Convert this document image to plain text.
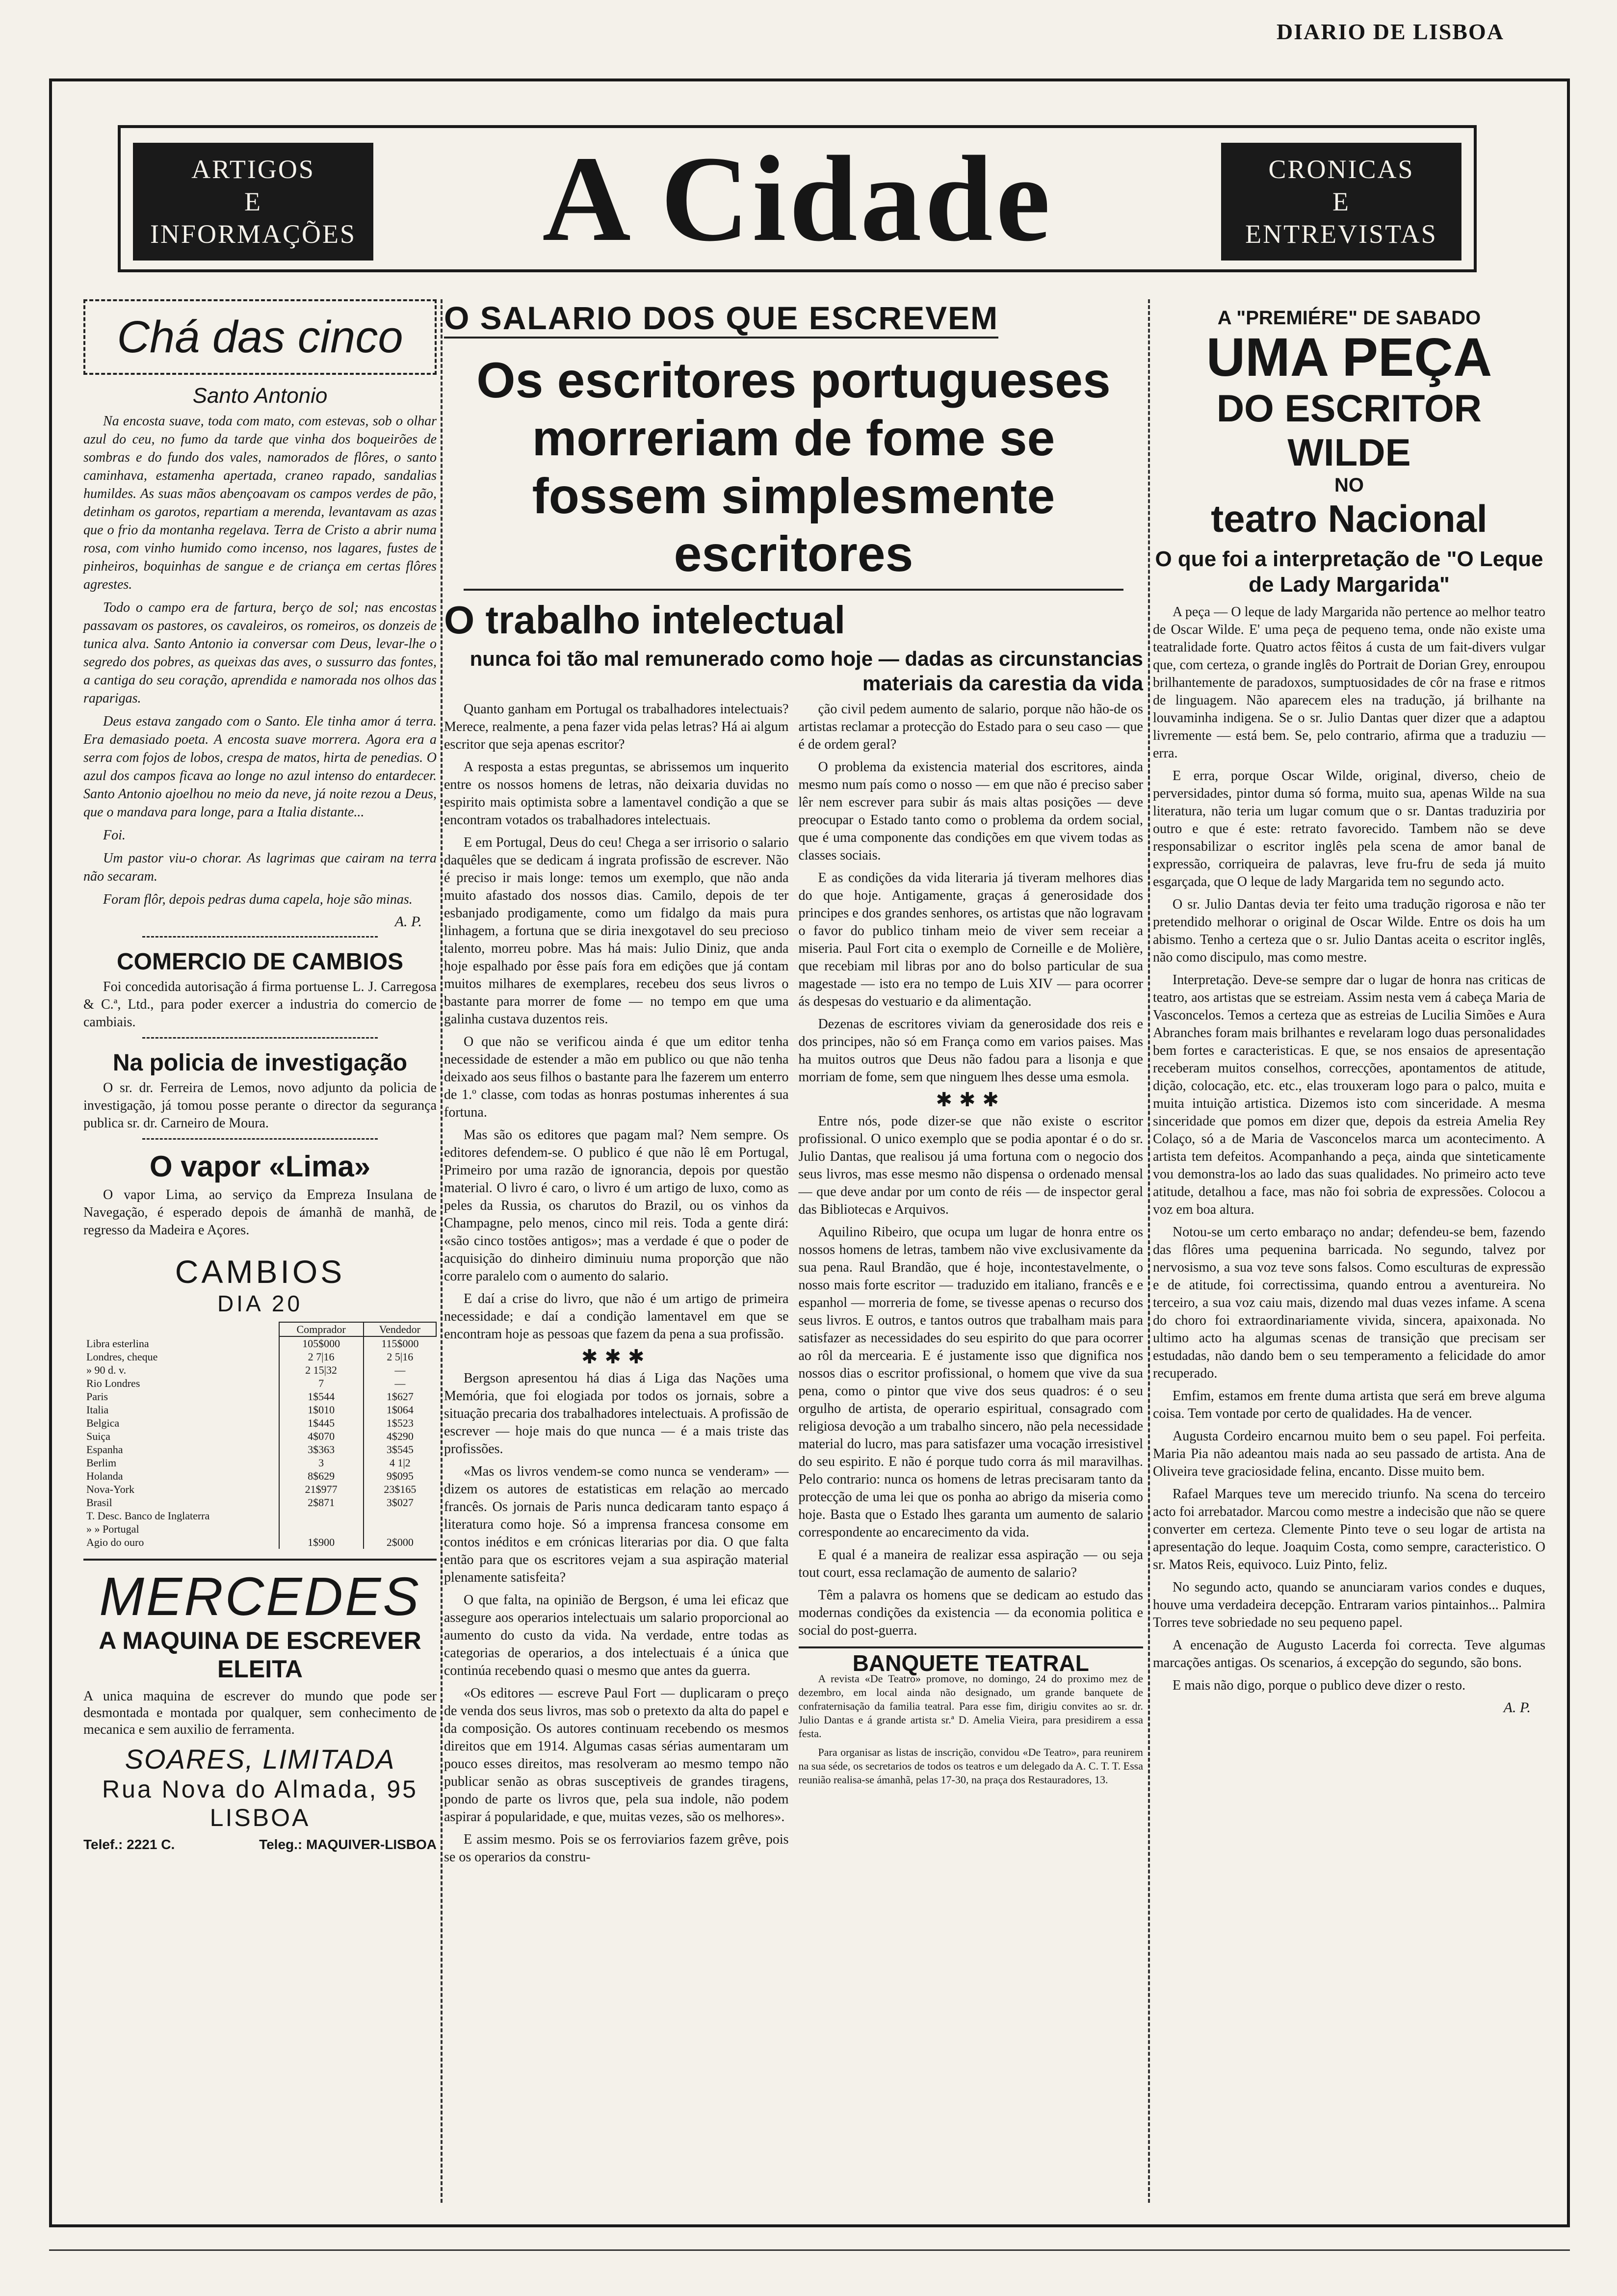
DIARIO DE LISBOA
ARTIGOS
E
INFORMAÇÕES	A Cidade	CRONICAS
E
ENTREVISTAS
Chá das cinco
Santo Antonio

Na encosta suave, toda com mato, com estevas, sob o olhar azul do ceu, no fumo da tarde que vinha dos boqueirões de sombras e do fundo dos vales, namorados de flôres, o santo caminhava, estamenha apertada, craneo rapado, sandalias humildes. As suas mãos abençoavam os campos verdes de pão, detinham os garotos, repartiam a merenda, levantavam as azas que o frio da montanha regelava. Terra de Cristo a abrir numa rosa, com vinho humido como incenso, nos lagares, fustes de pinheiros, boquinhas de sangue e de criança em certas flôres agrestes.

Todo o campo era de fartura, berço de sol; nas encostas passavam os pastores, os cavaleiros, os romeiros, os donzeis de tunica alva. Santo Antonio ia conversar com Deus, levar-lhe o segredo dos pobres, as queixas das aves, o sussurro das fontes, a cantiga do seu coração, aprendida e namorada nos olhos das raparigas.

Deus estava zangado com o Santo. Ele tinha amor á terra. Era demasiado poeta. A encosta suave morrera. Agora era a serra com fojos de lobos, crespa de matos, hirta de penedias. O azul dos campos ficava ao longe no azul intenso do entardecer. Santo Antonio ajoelhou no meio da neve, já noite rezou a Deus, que o mandava para longe, para a Italia distante...

Foi.

Um pastor viu-o chorar. As lagrimas que cairam na terra não secaram.

Foram flôr, depois pedras duma capela, hoje são minas.

A. P.
COMERCIO DE CAMBIOS

Foi concedida autorisação á firma portuense L. J. Carregosa & C.ª, Ltd., para poder exercer a industria do comercio de cambiais.

Na policia de investigação

O sr. dr. Ferreira de Lemos, novo adjunto da policia de investigação, já tomou posse perante o director da segurança publica sr. dr. Carneiro de Moura.

O vapor «Lima»

O vapor Lima, ao serviço da Empreza Insulana de Navegação, é esperado depois de ámanhã de manhã, de regresso da Madeira e Açores.

CAMBIOS
DIA 20
	Comprador	Vendedor
Libra esterlina	105$000	115$000
Londres, cheque	2 7|16	2 5|16
» 90 d. v.	2 15|32	—
Rio Londres	7	—
Paris	1$544	1$627
Italia	1$010	1$064
Belgica	1$445	1$523
Suiça	4$070	4$290
Espanha	3$363	3$545
Berlim	3	4 1|2
Holanda	8$629	9$095
Nova-York	21$977	23$165
Brasil	2$871	3$027
T. Desc. Banco de Inglaterra		
» » Portugal		
Agio do ouro	1$900	2$000
MERCEDES
A MAQUINA DE ESCREVER ELEITA
A unica maquina de escrever do mundo que pode ser desmontada e montada por qualquer, sem conhecimento de mecanica e sem auxilio de ferramenta.
SOARES, LIMITADA
Rua Nova do Almada, 95
LISBOA
Telef.: 2221 C.	Teleg.: MAQUIVER-LISBOA
O SALARIO DOS QUE ESCREVEM
Os escritores portugueses morreriam de fome se fossem simplesmente escritores
O trabalho intelectual
nunca foi tão mal remunerado como hoje — dadas as circunstancias materiais da carestia da vida

Quanto ganham em Portugal os trabalhadores intelectuais? Merece, realmente, a pena fazer vida pelas letras? Há ai algum escritor que seja apenas escritor?

A resposta a estas preguntas, se abrissemos um inquerito entre os nossos homens de letras, não deixaria duvidas no espirito mais optimista sobre a lamentavel condição a que se encontram votados os trabalhadores intelectuais.

E em Portugal, Deus do ceu! Chega a ser irrisorio o salario daquêles que se dedicam á ingrata profissão de escrever. Não é preciso ir mais longe: temos um exemplo, que não anda muito afastado dos nossos dias. Camilo, depois de ter esbanjado prodigamente, como um fidalgo da mais pura linhagem, a fortuna que se diria inexgotavel do seu precioso talento, morreu pobre. Mas há mais: Julio Diniz, que anda hoje espalhado por êsse país fora em edições que já contam muitos milhares de exemplares, recebeu dos seus livros o bastante para morrer de fome — no tempo em que uma galinha custava duzentos reis.

O que não se verificou ainda é que um editor tenha necessidade de estender a mão em publico ou que não tenha deixado aos seus filhos o bastante para lhe fazerem um enterro de 1.º classe, com todas as honras postumas inherentes á sua fortuna.

Mas são os editores que pagam mal? Nem sempre. Os editores defendem-se. O publico é que não lê em Portugal, Primeiro por uma razão de ignorancia, depois por questão material. O livro é caro, o livro é um artigo de luxo, como as peles da Russia, os charutos do Brazil, ou os vinhos da Champagne, pelo menos, cinco mil reis. Toda a gente dirá: «são cinco tostões antigos»; mas a verdade é que o poder de acquisição do dinheiro diminuiu numa proporção que não corre paralelo com o aumento do salario.

E daí a crise do livro, que não é um artigo de primeira necessidade; e daí a condição lamentavel em que se encontram hoje as pessoas que fazem da pena a sua profissão.

✱✱✱

Bergson apresentou há dias á Liga das Nações uma Memória, que foi elogiada por todos os jornais, sobre a situação precaria dos trabalhadores intelectuais. A profissão de escrever — hoje mais do que nunca — é a mais triste das profissões.

«Mas os livros vendem-se como nunca se venderam» — dizem os autores de estatisticas em relação ao mercado francês. Os jornais de Paris nunca dedicaram tanto espaço á literatura como hoje. Só a imprensa francesa consome em contos inéditos e em crónicas literarias por dia. O que falta então para que os escritores vejam a sua aspiração material plenamente satisfeita?

O que falta, na opinião de Bergson, é uma lei eficaz que assegure aos operarios intelectuais um salario proporcional ao aumento do custo da vida. Na verdade, entre todas as categorias de operarios, a dos intelectuais é a única que continúa recebendo quasi o mesmo que antes da guerra.

«Os editores — escreve Paul Fort — duplicaram o preço de venda dos seus livros, mas sob o pretexto da alta do papel e da composição. Os autores continuam recebendo os mesmos direitos que em 1914. Algumas casas sérias aumentaram um pouco esses direitos, mas resolveram ao mesmo tempo não publicar senão as obras susceptiveis de grandes tiragens, pondo de parte os livros que, pela sua indole, não podem aspirar á popularidade, e que, muitas vezes, são os melhores».

E assim mesmo. Pois se os ferroviarios fazem grêve, pois se os operarios da constru-

ção civil pedem aumento de salario, porque não hão-de os artistas reclamar a protecção do Estado para o seu caso — que é de ordem geral?

O problema da existencia material dos escritores, ainda mesmo num país como o nosso — em que não é preciso saber lêr nem escrever para subir ás mais altas posições — deve preocupar o Estado tanto como o problema da ordem social, que é uma componente das condições em que vivem todas as classes sociais.

E as condições da vida literaria já tiveram melhores dias do que hoje. Antigamente, graças á generosidade dos principes e dos grandes senhores, os artistas que não logravam o favor do publico tinham meio de viver sem receiar a miseria. Paul Fort cita o exemplo de Corneille e de Molière, que recebiam mil libras por ano do bolso particular de sua magestade — isto era no tempo de Luis XIV — para ocorrer ás despesas do vestuario e da alimentação.

Dezenas de escritores viviam da generosidade dos reis e dos principes, não só em França como em varios paises. Mas ha muitos outros que Deus não fadou para a lisonja e que morriam de fome, sem que ninguem lhes desse uma esmola.

✱✱✱

Entre nós, pode dizer-se que não existe o escritor profissional. O unico exemplo que se podia apontar é o do sr. Julio Dantas, que realisou já uma fortuna com o negocio dos seus livros, mas esse mesmo não dispensa o ordenado mensal — que deve andar por um conto de réis — de inspector geral das Bibliotecas e Arquivos.

Aquilino Ribeiro, que ocupa um lugar de honra entre os nossos homens de letras, tambem não vive exclusivamente da sua pena. Raul Brandão, que é hoje, incontestavelmente, o nosso mais forte escritor — traduzido em italiano, francês e e espanhol — morreria de fome, se tivesse apenas o recurso dos seus livros. E outros, e tantos outros que trabalham mais para satisfazer as necessidades do seu espirito do que para ocorrer ao rôl da mercearia. E é justamente isso que dignifica nos nossos dias o escritor profissional, o homem que vive da sua pena, como o pintor que vive dos seus quadros: é o seu orgulho de artista, de operario espiritual, consagrado com religiosa devoção a um trabalho sincero, não pela necessidade material do lucro, mas para satisfazer uma vocação irresistivel do seu espirito. E não é porque tudo corra ás mil maravilhas. Pelo contrario: nunca os homens de letras precisaram tanto da protecção de uma lei que os ponha ao abrigo da miseria como hoje. Basta que o Estado lhes garanta um aumento de salario correspondente ao encarecimento da vida.

E qual é a maneira de realizar essa aspiração — ou seja tout court, essa reclamação de aumento de salario?

Têm a palavra os homens que se dedicam ao estudo das modernas condições da existencia — da economia politica e social do post-guerra.

BANQUETE TEATRAL

A revista «De Teatro» promove, no domingo, 24 do proximo mez de dezembro, em local ainda não designado, um grande banquete de confraternisação da familia teatral. Para esse fim, dirigiu convites ao sr. dr. Julio Dantas e á grande artista sr.ª D. Amelia Vieira, para presidirem a essa festa.

Para organisar as listas de inscrição, convidou «De Teatro», para reunirem na sua séde, os secretarios de todos os teatros e um delegado da A. C. T. T. Essa reunião realisa-se ámanhã, pelas 17-30, na praça dos Restauradores, 13.

A "PREMIÉRE" DE SABADO
UMA PEÇA
DO ESCRITOR WILDE
NO
teatro Nacional
O que foi a interpretação de "O Leque de Lady Margarida"

A peça — O leque de lady Margarida não pertence ao melhor teatro de Oscar Wilde. E' uma peça de pequeno tema, onde não existe uma teatralidade forte. Quatro actos fêitos á custa de um fait-divers vulgar que, com certeza, o grande inglês do Portrait de Dorian Grey, enroupou brilhantemente de paradoxos, sumptuosidades de côr na frase e ritmos de linguagem. Não aparecem eles na tradução, já brilhante na louvaminha indigena. Se o sr. Julio Dantas quer dizer que a adaptou livremente — está bem. Se, pelo contrario, afirma que a traduziu — erra.

E erra, porque Oscar Wilde, original, diverso, cheio de perversidades, pintor duma só forma, muito sua, apenas Wilde na sua literatura, não teria um lugar comum que o sr. Dantas traduziria por outro e que é este: retrato favorecido. Tambem não se deve responsabilizar o escritor inglês pela scena de amor banal de expressão, corriqueira de palavras, leve fru-fru de seda já muito esgarçada, que O leque de lady Margarida tem no segundo acto.

O sr. Julio Dantas devia ter feito uma tradução rigorosa e não ter pretendido melhorar o original de Oscar Wilde. Entre os dois ha um abismo. Tenho a certeza que o sr. Julio Dantas aceita o escritor inglês, não como discipulo, mas como mestre.

Interpretação. Deve-se sempre dar o lugar de honra nas criticas de teatro, aos artistas que se estreiam. Assim nesta vem á cabeça Maria de Vasconcelos. Temos a certeza que as estreias de Lucilia Simões e Aura Abranches foram mais brilhantes e revelaram logo duas personalidades bem fortes e caracteristicas. E que, se nos ensaios de apresentação receberam muitos conselhos, correcções, apontamentos de atitude, dição, colocação, etc. etc., elas trouxeram logo para o palco, muita e muita intuição artistica. Dizemos isto com sinceridade. A mesma sinceridade que pomos em dizer que, depois da estreia Amelia Rey Colaço, só a de Maria de Vasconcelos marca um acontecimento. A artista tem defeitos. Acompanhando a peça, ainda que sinteticamente vou demonstra-los ao lado das suas qualidades. No primeiro acto teve atitude, detalhou a face, mas não foi sobria de expressões. Colocou a voz em boa altura.

Notou-se um certo embaraço no andar; defendeu-se bem, fazendo das flôres uma pequenina barricada. No segundo, talvez por nervosismo, a sua voz teve sons falsos. Como esculturas de expressão e de atitude, foi correctissima, quando entrou a aventureira. No terceiro, a sua voz caiu mais, dizendo mal duas vezes infame. A scena do choro foi extraordinariamente vivida, sincera, apaixonada. No ultimo acto ha algumas scenas de transição que precisam ser estudadas, não dando bem o seu temperamento a felicidade do amor recuperado.

Emfim, estamos em frente duma artista que será em breve alguma coisa. Tem vontade por certo de qualidades. Ha de vencer.

Augusta Cordeiro encarnou muito bem o seu papel. Foi perfeita. Maria Pia não adeantou mais nada ao seu passado de artista. Ana de Oliveira teve graciosidade felina, encanto. Disse muito bem.

Rafael Marques teve um merecido triunfo. Na scena do terceiro acto foi arrebatador. Marcou como mestre a indecisão que não se quere converter em certeza. Clemente Pinto teve o seu logar de artista na apresentação do leque. Joaquim Costa, como sempre, caracteristico. O sr. Matos Reis, equivoco. Luiz Pinto, feliz.

No segundo acto, quando se anunciaram varios condes e duques, houve uma verdadeira decepção. Entraram varios pintainhos... Palmira Torres teve sobriedade no seu pequeno papel.

A encenação de Augusto Lacerda foi correcta. Teve algumas marcações antigas. Os scenarios, á excepção do segundo, são bons.

E mais não digo, porque o publico deve dizer o resto.

A. P.
